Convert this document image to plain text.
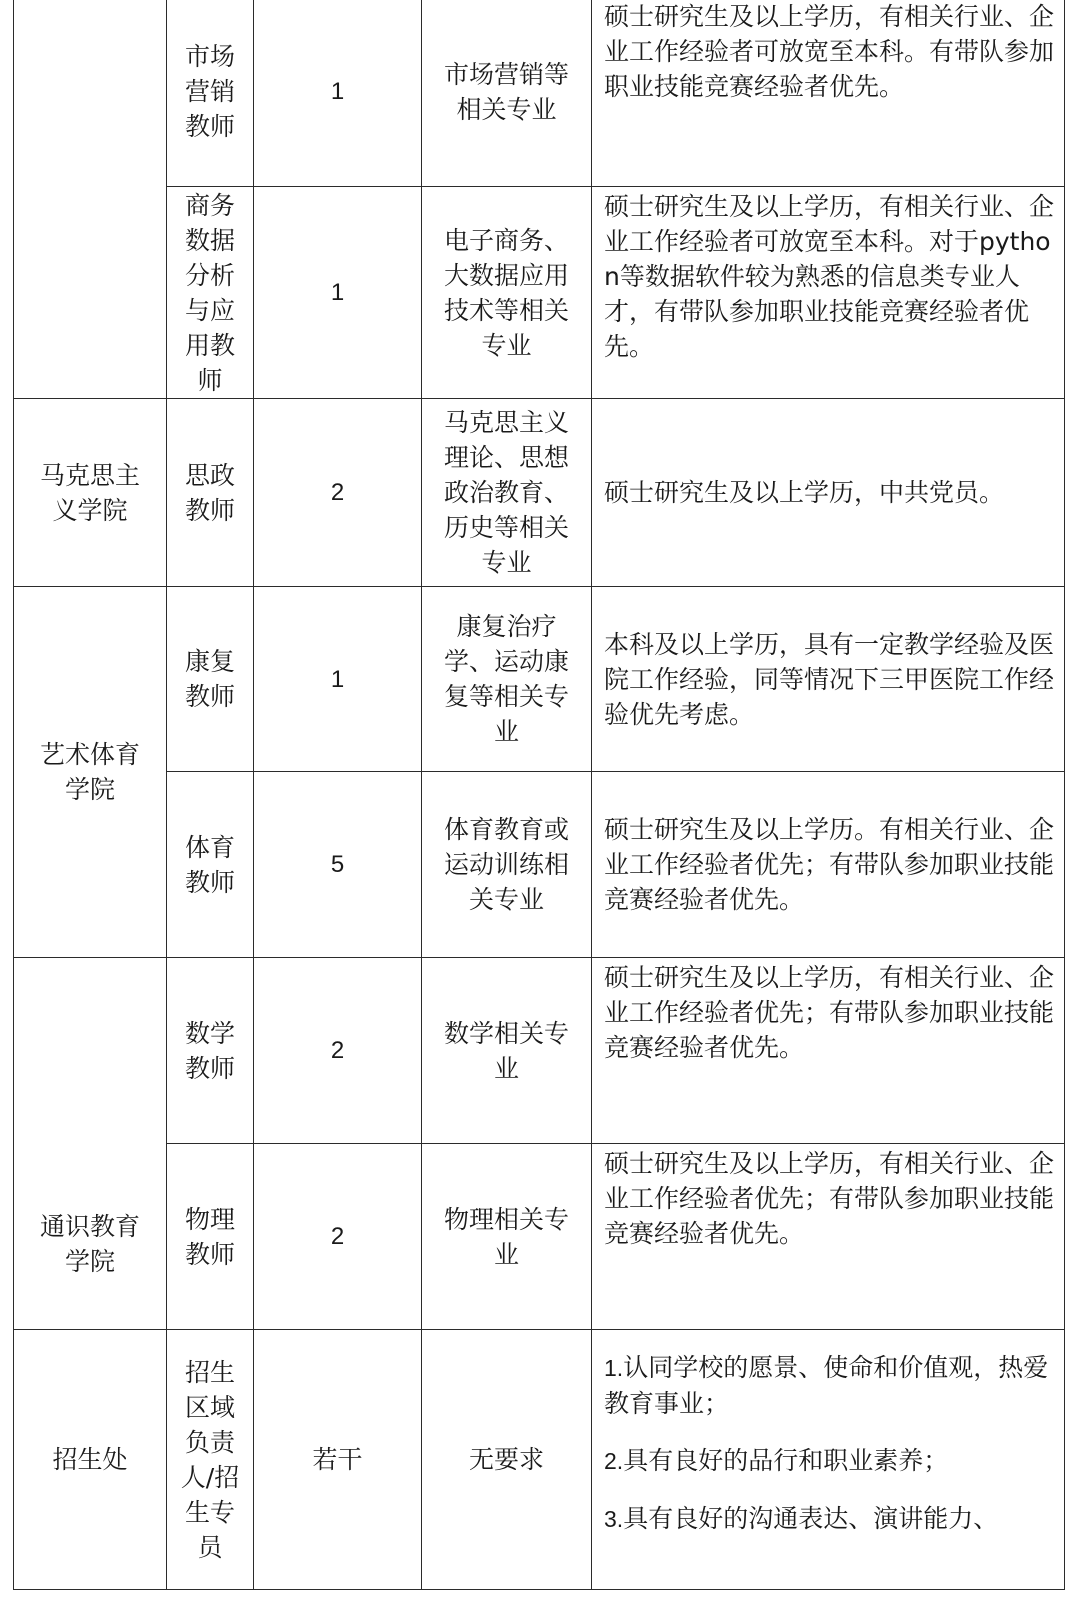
	市场营销教师	1	市场营销等相关专业	硕士研究生及以上学历，有相关行业、企业工作经验者可放宽至本科。有带队参加职业技能竞赛经验者优先。

	商务数据分析与应用教师	1	电子商务、大数据应用技术等相关专业	硕士研究生及以上学历，有相关行业、企业工作经验者可放宽至本科。对于python等数据软件较为熟悉的信息类专业人才，有带队参加职业技能竞赛经验者优先。

马克思主义学院	思政教师	2	马克思主义理论、思想政治教育、历史等相关专业	硕士研究生及以上学历，中共党员。

艺术体育学院	康复教师	1	康复治疗学、运动康复等相关专业	本科及以上学历，具有一定教学经验及医院工作经验，同等情况下三甲医院工作经验优先考虑。

	体育教师	5	体育教育或运动训练相关专业	硕士研究生及以上学历。有相关行业、企业工作经验者优先；有带队参加职业技能竞赛经验者优先。

通识教育学院	数学教师	2	数学相关专业	硕士研究生及以上学历，有相关行业、企业工作经验者优先；有带队参加职业技能竞赛经验者优先。

	物理教师	2	物理相关专业	硕士研究生及以上学历，有相关行业、企业工作经验者优先；有带队参加职业技能竞赛经验者优先。

招生处	招生区域负责人/招生专员	若干	无要求	1.认同学校的愿景、使命和价值观，热爱教育事业；
2.具有良好的品行和职业素养；
3.具有良好的沟通表达、演讲能力、
